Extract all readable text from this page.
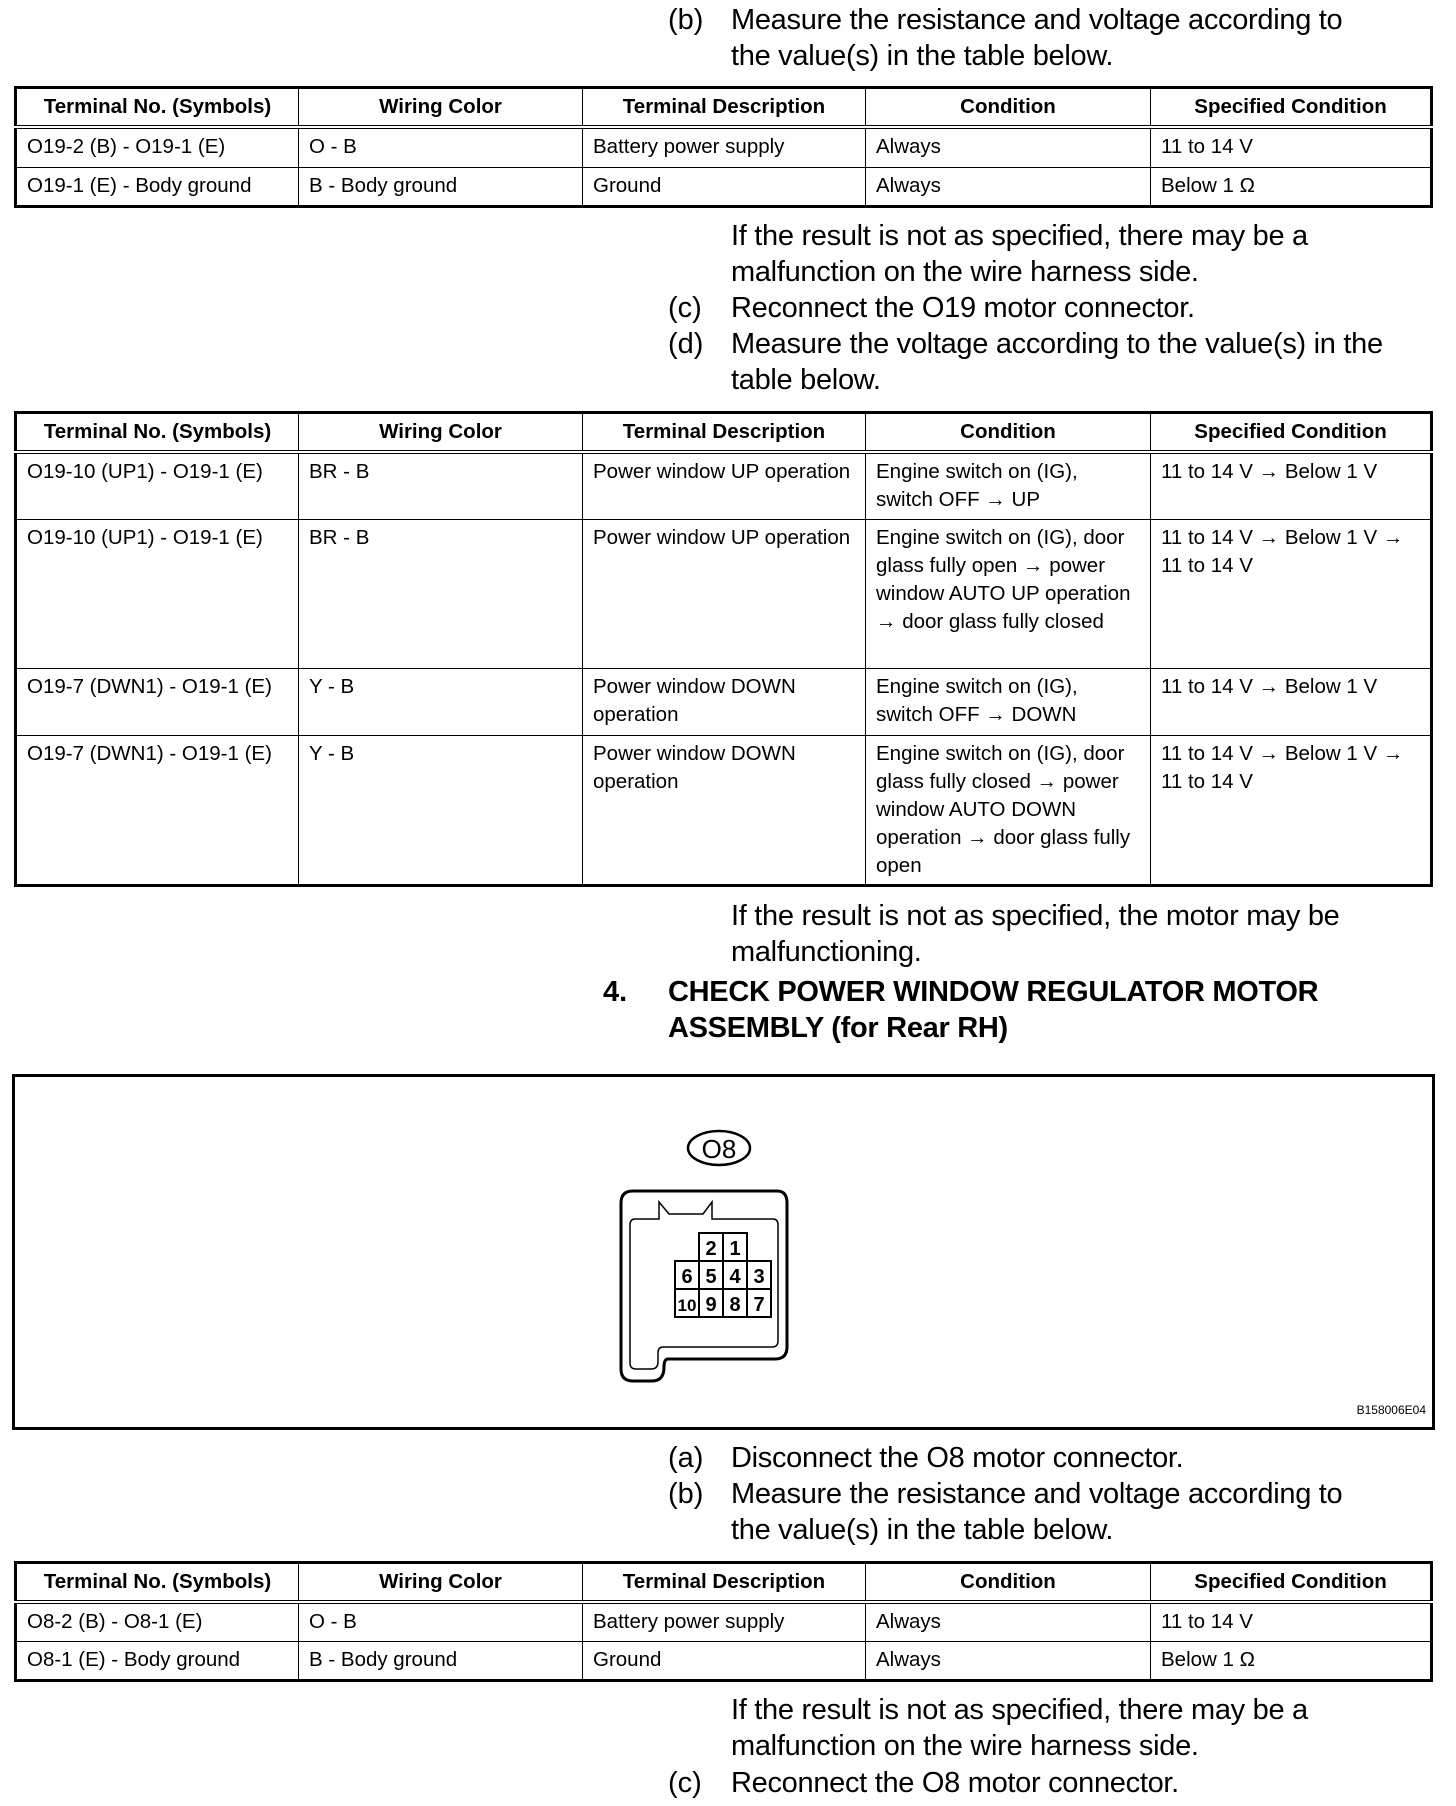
(b) Measure the resistance and voltage according to
the value(s) in the table below.
Terminal No. (Symbols)	Wiring Color	Terminal Description	Condition	Specified Condition
O19-2 (B) - O19-1 (E)	O - B	Battery power supply	Always	11 to 14 V
O19-1 (E) - Body ground	B - Body ground	Ground	Always	Below 1 Ω
If the result is not as specified, there may be a
malfunction on the wire harness side.
(c) Reconnect the O19 motor connector.
(d) Measure the voltage according to the value(s) in the
table below.
Terminal No. (Symbols)	Wiring Color	Terminal Description	Condition	Specified Condition
O19-10 (UP1) - O19-1 (E)	BR - B	Power window UP operation	Engine switch on (IG), switch OFF → UP	11 to 14 V → Below 1 V
O19-10 (UP1) - O19-1 (E)	BR - B	Power window UP operation	Engine switch on (IG), door glass fully open → power window AUTO UP operation → door glass fully closed	11 to 14 V → Below 1 V → 11 to 14 V
O19-7 (DWN1) - O19-1 (E)	Y - B	Power window DOWN operation	Engine switch on (IG), switch OFF → DOWN	11 to 14 V → Below 1 V
O19-7 (DWN1) - O19-1 (E)	Y - B	Power window DOWN operation	Engine switch on (IG), door glass fully closed → power window AUTO DOWN operation → door glass fully open	11 to 14 V → Below 1 V → 11 to 14 V
If the result is not as specified, the motor may be
malfunctioning.
4. CHECK POWER WINDOW REGULATOR MOTOR
ASSEMBLY (for Rear RH)
O8
2 1
6 5 4 3
10 9 8 7
B158006E04
(a) Disconnect the O8 motor connector.
(b) Measure the resistance and voltage according to
the value(s) in the table below.
Terminal No. (Symbols)	Wiring Color	Terminal Description	Condition	Specified Condition
O8-2 (B) - O8-1 (E)	O - B	Battery power supply	Always	11 to 14 V
O8-1 (E) - Body ground	B - Body ground	Ground	Always	Below 1 Ω
If the result is not as specified, there may be a
malfunction on the wire harness side.
(c) Reconnect the O8 motor connector.
